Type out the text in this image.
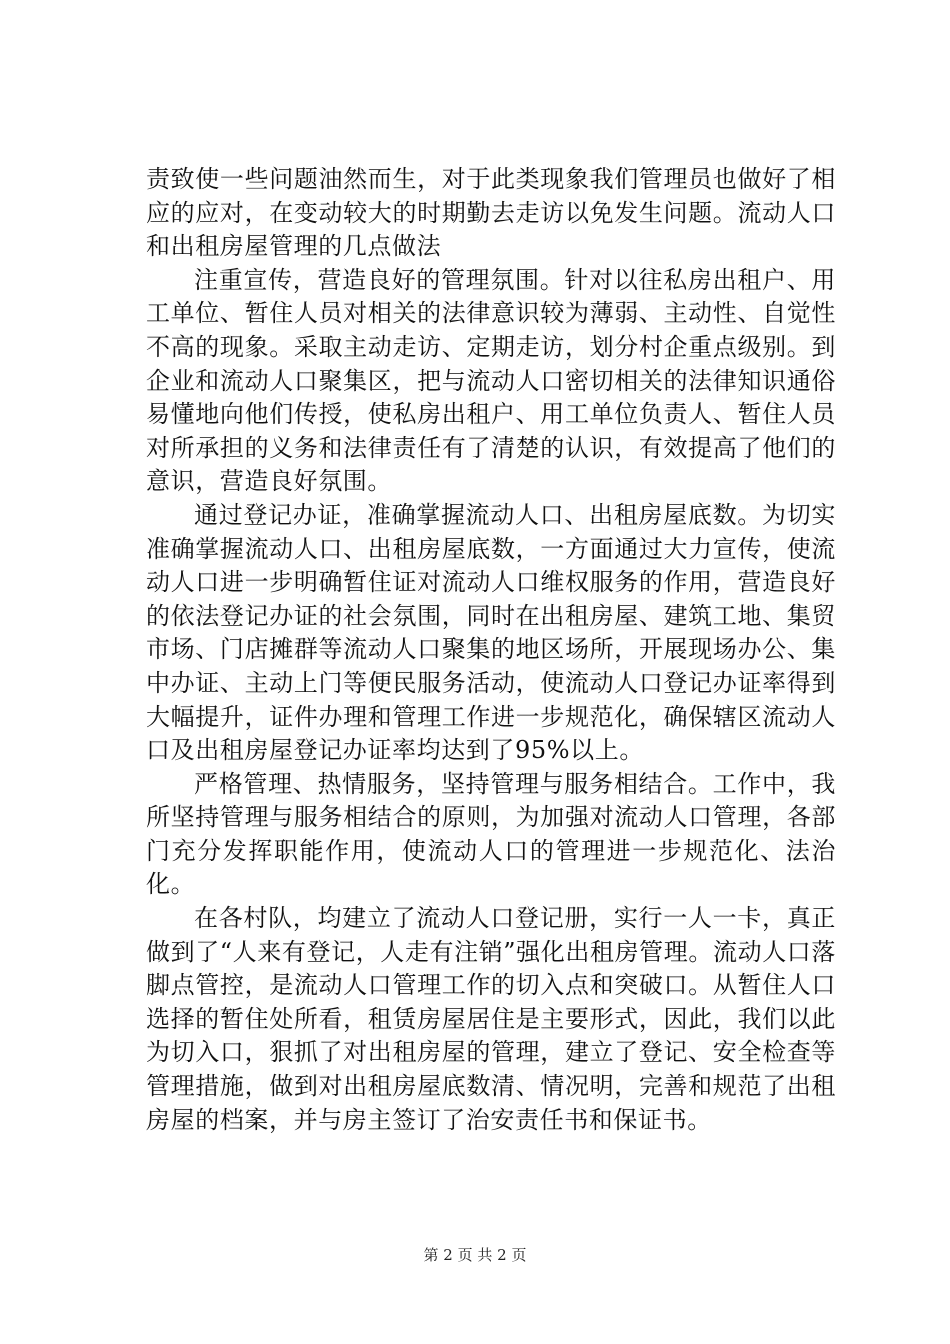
责致使一些问题油然而生，对于此类现象我们管理员也做好了相应的应对，在变动较大的时期勤去走访以免发生问题。流动人口和出租房屋管理的几点做法

注重宣传，营造良好的管理氛围。针对以往私房出租户、用工单位、暂住人员对相关的法律意识较为薄弱、主动性、自觉性不高的现象。采取主动走访、定期走访，划分村企重点级别。到企业和流动人口聚集区，把与流动人口密切相关的法律知识通俗易懂地向他们传授，使私房出租户、用工单位负责人、暂住人员对所承担的义务和法律责任有了清楚的认识，有效提高了他们的意识，营造良好氛围。

通过登记办证，准确掌握流动人口、出租房屋底数。为切实准确掌握流动人口、出租房屋底数，一方面通过大力宣传，使流动人口进一步明确暂住证对流动人口维权服务的作用，营造良好的依法登记办证的社会氛围，同时在出租房屋、建筑工地、集贸市场、门店摊群等流动人口聚集的地区场所，开展现场办公、集中办证、主动上门等便民服务活动，使流动人口登记办证率得到大幅提升，证件办理和管理工作进一步规范化，确保辖区流动人口及出租房屋登记办证率均达到了95%以上。

严格管理、热情服务，坚持管理与服务相结合。工作中，我所坚持管理与服务相结合的原则，为加强对流动人口管理，各部门充分发挥职能作用，使流动人口的管理进一步规范化、法治化。

在各村队，均建立了流动人口登记册，实行一人一卡，真正做到了“人来有登记，人走有注销”强化出租房管理。流动人口落脚点管控，是流动人口管理工作的切入点和突破口。从暂住人口选择的暂住处所看，租赁房屋居住是主要形式，因此，我们以此为切入口，狠抓了对出租房屋的管理，建立了登记、安全检查等管理措施，做到对出租房屋底数清、情况明，完善和规范了出租房屋的档案，并与房主签订了治安责任书和保证书。

第 2 页 共 2 页
